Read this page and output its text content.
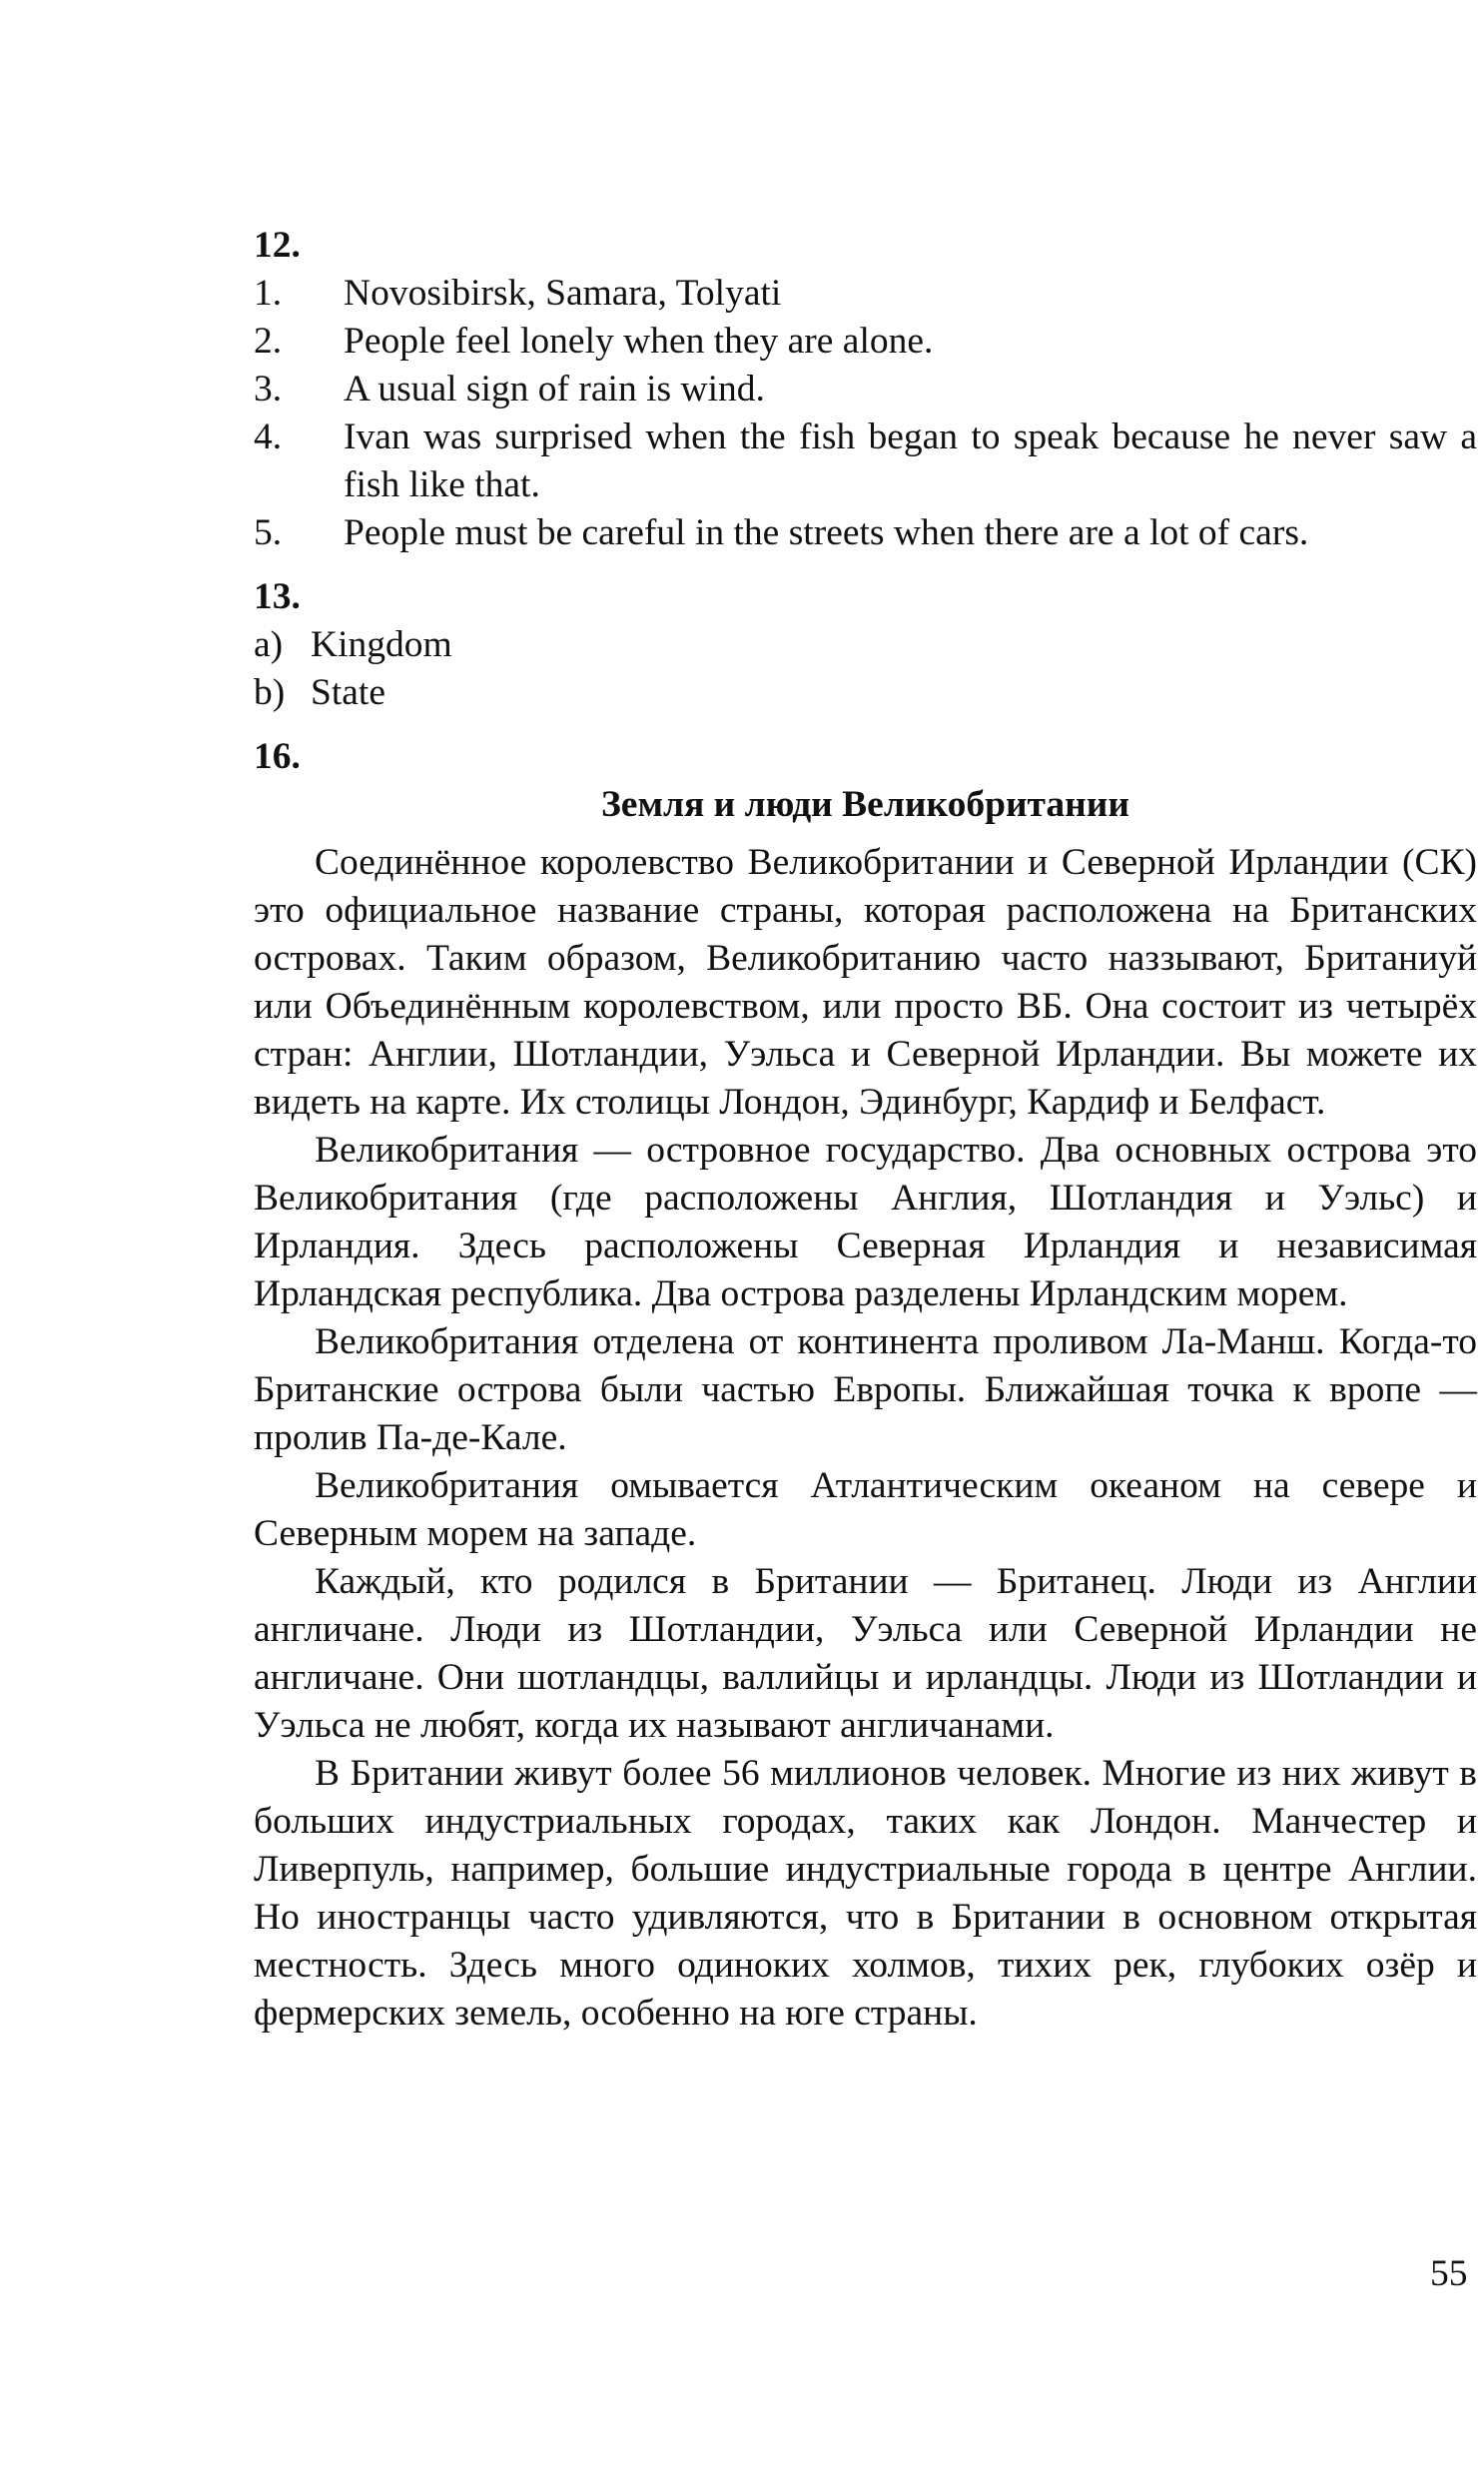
12.

1. Novosibirsk, Samara, Tolyati
2. People feel lonely when they are alone.
3. A usual sign of rain is wind.
4. Ivan was surprised when the fish began to speak because he never saw a fish like that.
5. People must be careful in the streets when there are a lot of cars.

13.

a) Kingdom
b) State

16.

Земля и люди Великобритании

Соединённое королевство Великобритании и Северной Ирландии (СК) это официальное название страны, которая расположена на Британских островах. Таким образом, Великобританию часто наззывают, Британиуй или Объединённым королевством, или просто ВБ. Она состоит из четырёх стран: Англии, Шотландии, Уэльса и Северной Ирландии. Вы можете их видеть на карте. Их столицы Лондон, Эдинбург, Кардиф и Белфаст.

Великобритания — островное государство. Два основных острова это Великобритания (где расположены Англия, Шотландия и Уэльс) и Ирландия. Здесь расположены Северная Ирландия и независимая Ирландская республика. Два острова разделены Ирландским морем.

Великобритания отделена от континента проливом Ла-Манш. Когда-то Британские острова были частью Европы. Ближайшая точка к вропе — пролив Па-де-Кале.

Великобритания омывается Атлантическим океаном на севере и Северным морем на западе.

Каждый, кто родился в Британии — Британец. Люди из Англии англичане. Люди из Шотландии, Уэльса или Северной Ирландии не англичане. Они шотландцы, валлийцы и ирландцы. Люди из Шотландии и Уэльса не любят, когда их называют англичанами.

В Британии живут более 56 миллионов человек. Многие из них живут в больших индустриальных городах, таких как Лондон. Манчестер и Ливерпуль, например, большие индустриальные города в центре Англии. Но иностранцы часто удивляются, что в Британии в основном открытая местность. Здесь много одиноких холмов, тихих рек, глубоких озёр и фермерских земель, особенно на юге страны.

55
